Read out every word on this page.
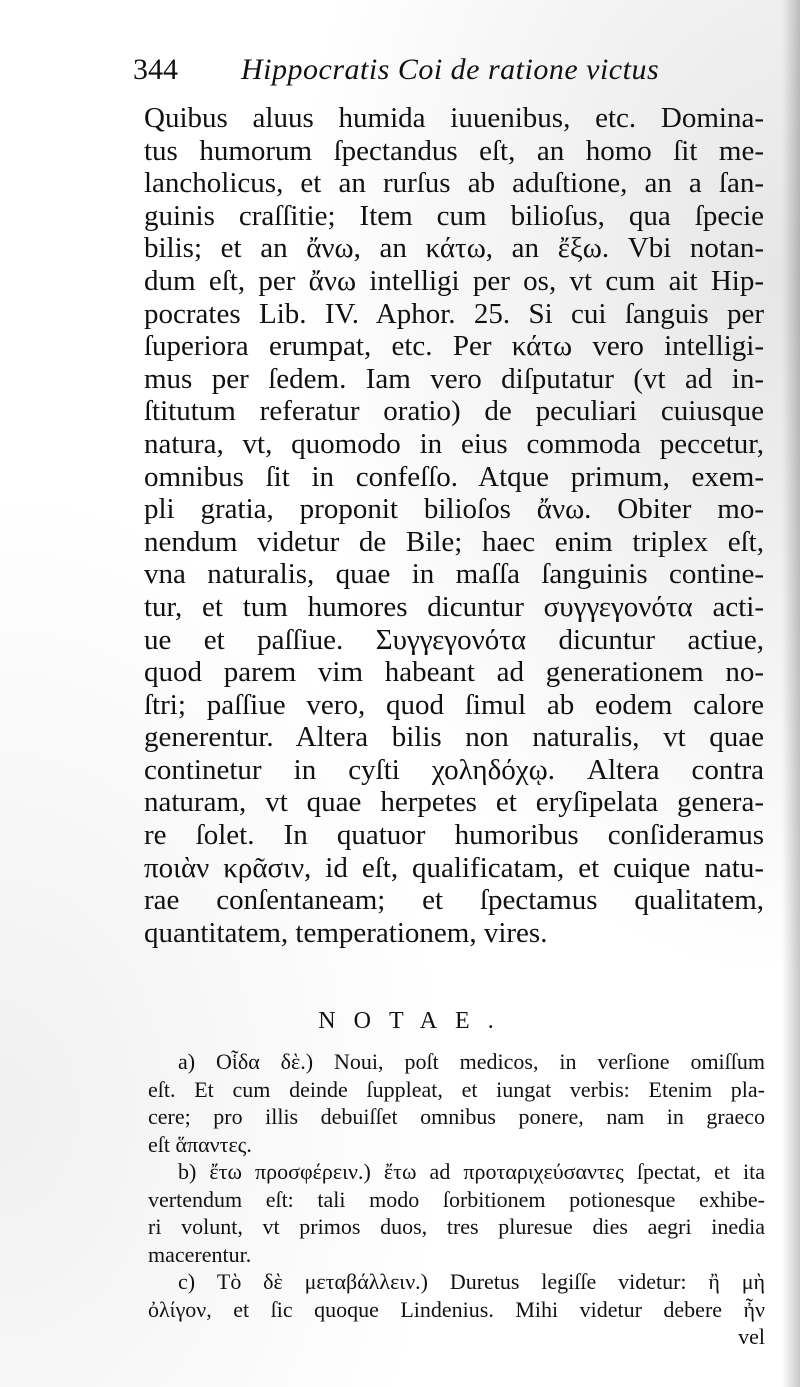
344 Hippocratis Coi de ratione victus
Quibus aluus humida iuuenibus, etc. Domina-
tus humorum ſpectandus eſt, an homo ſit me-
lancholicus, et an rurſus ab aduſtione, an a ſan-
guinis craſſitie; Item cum bilioſus, qua ſpecie
bilis; et an ἄνω, an κάτω, an ἔξω. Vbi notan-
dum eſt, per ἄνω intelligi per os, vt cum ait Hip-
pocrates Lib. IV. Aphor. 25. Si cui ſanguis per
ſuperiora erumpat, etc. Per κάτω vero intelligi-
mus per ſedem. Iam vero diſputatur (vt ad in-
ſtitutum referatur oratio) de peculiari cuiusque
natura, vt, quomodo in eius commoda peccetur,
omnibus ſit in confeſſo. Atque primum, exem-
pli gratia, proponit bilioſos ἄνω. Obiter mo-
nendum videtur de Bile; haec enim triplex eſt,
vna naturalis, quae in maſſa ſanguinis contine-
tur, et tum humores dicuntur συγγεγονότα acti-
ue et paſſiue. Συγγεγονότα dicuntur actiue,
quod parem vim habeant ad generationem no-
ſtri; paſſiue vero, quod ſimul ab eodem calore
generentur. Altera bilis non naturalis, vt quae
continetur in cyſti χοληδόχῳ. Altera contra
naturam, vt quae herpetes et eryſipelata genera-
re ſolet. In quatuor humoribus conſideramus
ποιὰν κρᾶσιν, id eſt, qualificatam, et cuique natu-
rae conſentaneam; et ſpectamus qualitatem,
quantitatem, temperationem, vires.
NOTAE.
a) Οἷδα δὲ.) Noui, poſt medicos, in verſione omiſſum
eſt. Et cum deinde ſuppleat, et iungat verbis: Etenim pla-
cere; pro illis debuiſſet omnibus ponere, nam in graeco
eſt ἅπαντες.
b) ἔτω προσφέρειν.) ἔτω ad προταριχεύσαντες ſpectat, et ita
vertendum eſt: tali modo ſorbitionem potionesque exhibe-
ri volunt, vt primos duos, tres pluresue dies aegri inedia
macerentur.
c) Τὸ δὲ μεταβάλλειν.) Duretus legiſſe videtur: ἢ μὴ
ὀλίγον, et ſic quoque Lindenius. Mihi videtur debere ἦν
vel
